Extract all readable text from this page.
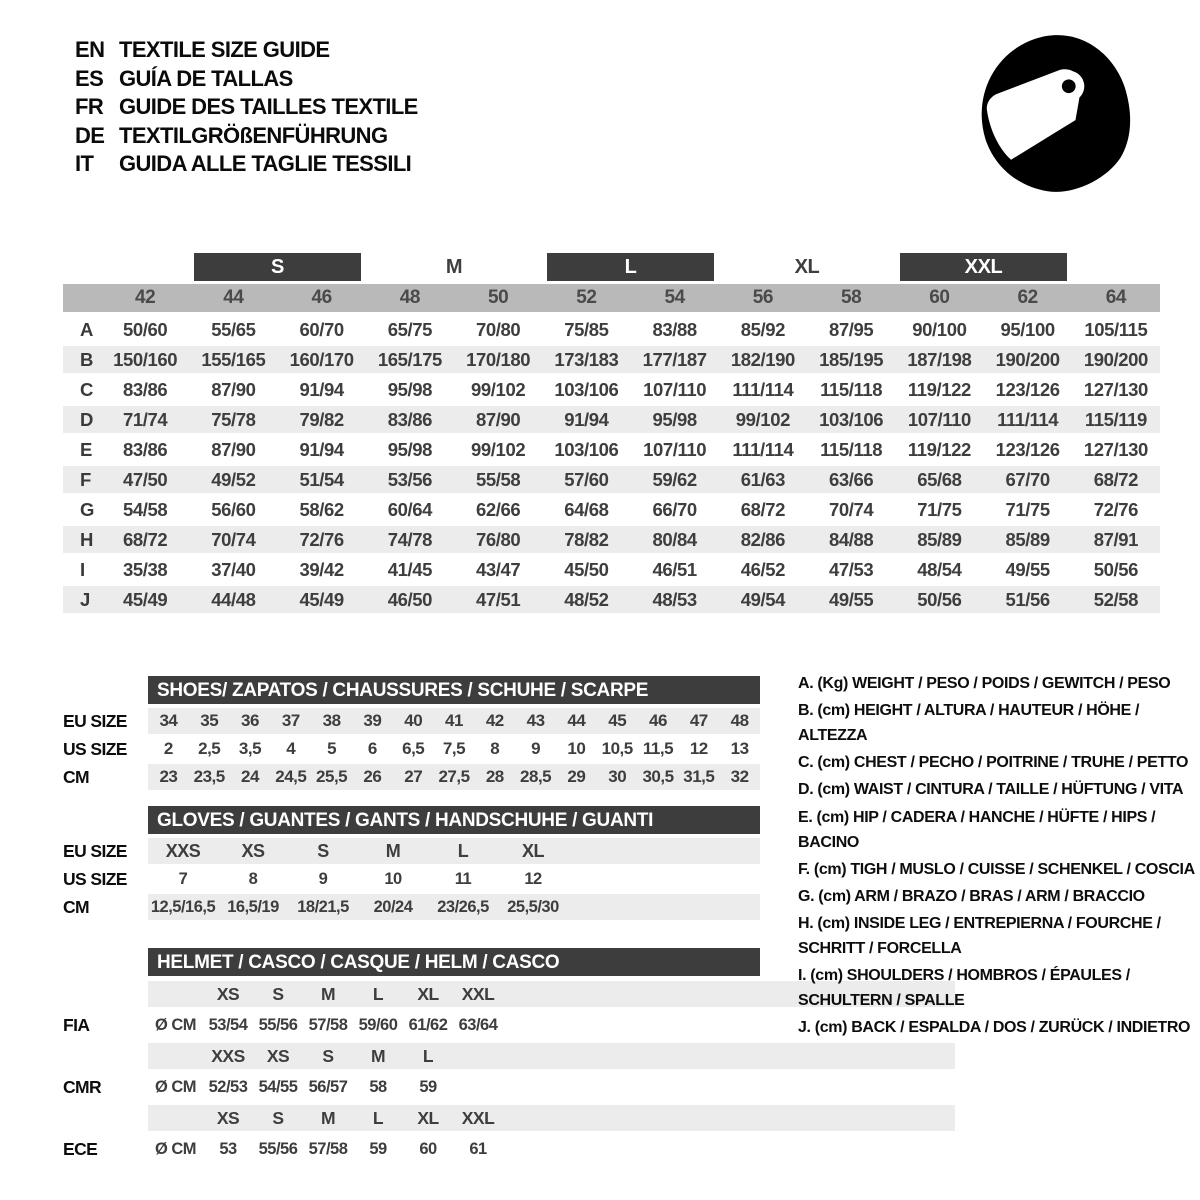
EN TEXTILE SIZE GUIDE
ES GUÍA DE TALLAS
FR GUIDE DES TAILLES TEXTILE
DE TEXTILGRÖßENFÜHRUNG
IT	GUIDA ALLE TAGLIE TESSILI
S	M	L	XL	XXL
42	44	46	48	50	52	54	56	58	60	62	64
A	50/60	55/65	60/70	65/75	70/80	75/85	83/88	85/92	87/95	90/100	95/100	105/115
B	150/160	155/165	160/170	165/175	170/180	173/183	177/187	182/190	185/195	187/198	190/200	190/200
C	83/86	87/90	91/94	95/98	99/102	103/106	107/110	111/114	115/118	119/122	123/126	127/130
D	71/74	75/78	79/82	83/86	87/90	91/94	95/98	99/102	103/106	107/110	111/114	115/119
E	83/86	87/90	91/94	95/98	99/102	103/106	107/110	111/114	115/118	119/122	123/126	127/130
F	47/50	49/52	51/54	53/56	55/58	57/60	59/62	61/63	63/66	65/68	67/70	68/72
G	54/58	56/60	58/62	60/64	62/66	64/68	66/70	68/72	70/74	71/75	71/75	72/76
H	68/72	70/74	72/76	74/78	76/80	78/82	80/84	82/86	84/88	85/89	85/89	87/91
I	35/38	37/40	39/42	41/45	43/47	45/50	46/51	46/52	47/53	48/54	49/55	50/56
J	45/49	44/48	45/49	46/50	47/51	48/52	48/53	49/54	49/55	50/56	51/56	52/58
SHOES/ ZAPATOS / CHAUSSURES / SCHUHE / SCARPE
EU SIZE	34	35	36	37	38	39	40	41	42	43	44	45	46	47	48
US SIZE	2	2,5	3,5	4	5	6	6,5	7,5	8	9	10 10,5 11,5 12	13
CM	23 23,5 24 24,5 25,5 26	27 27,5 28 28,5 29	30 30,5 31,5 32
GLOVES / GUANTES / GANTS / HANDSCHUHE / GUANTI
EU SIZE	XXS	XS	S	M	L	XL
US SIZE	7	8	9	10	11	12
CM	12,5/16,5 16,5/19	18/21,5	20/24	23/26,5	25,5/30
HELMET / CASCO / CASQUE / HELM / CASCO
XS	S	M	L	XL	XXL
FIA	Ø CM 53/54 55/56 57/58 59/60 61/62 63/64
XXS	XS	S	M	L
CMR	Ø CM 52/53 54/55 56/57	58	59
XS	S	M	L	XL	XXL
ECE	Ø CM	53	55/56 57/58	59	60	61
A. (Kg) WEIGHT / PESO / POIDS / GEWITCH / PESO
B. (cm) HEIGHT / ALTURA / HAUTEUR / HÖHE / ALTEZZA
C. (cm) CHEST / PECHO / POITRINE / TRUHE / PETTO
D. (cm) WAIST / CINTURA / TAILLE / HÜFTUNG / VITA
E. (cm) HIP / CADERA / HANCHE / HÜFTE / HIPS / BACINO
F. (cm) TIGH / MUSLO / CUISSE / SCHENKEL / COSCIA
G. (cm) ARM / BRAZO / BRAS / ARM / BRACCIO
H. (cm) INSIDE LEG / ENTREPIERNA / FOURCHE / SCHRITT / FORCELLA
I. (cm) SHOULDERS / HOMBROS / ÉPAULES / SCHULTERN / SPALLE
J. (cm) BACK / ESPALDA / DOS / ZURÜCK / INDIETRO
